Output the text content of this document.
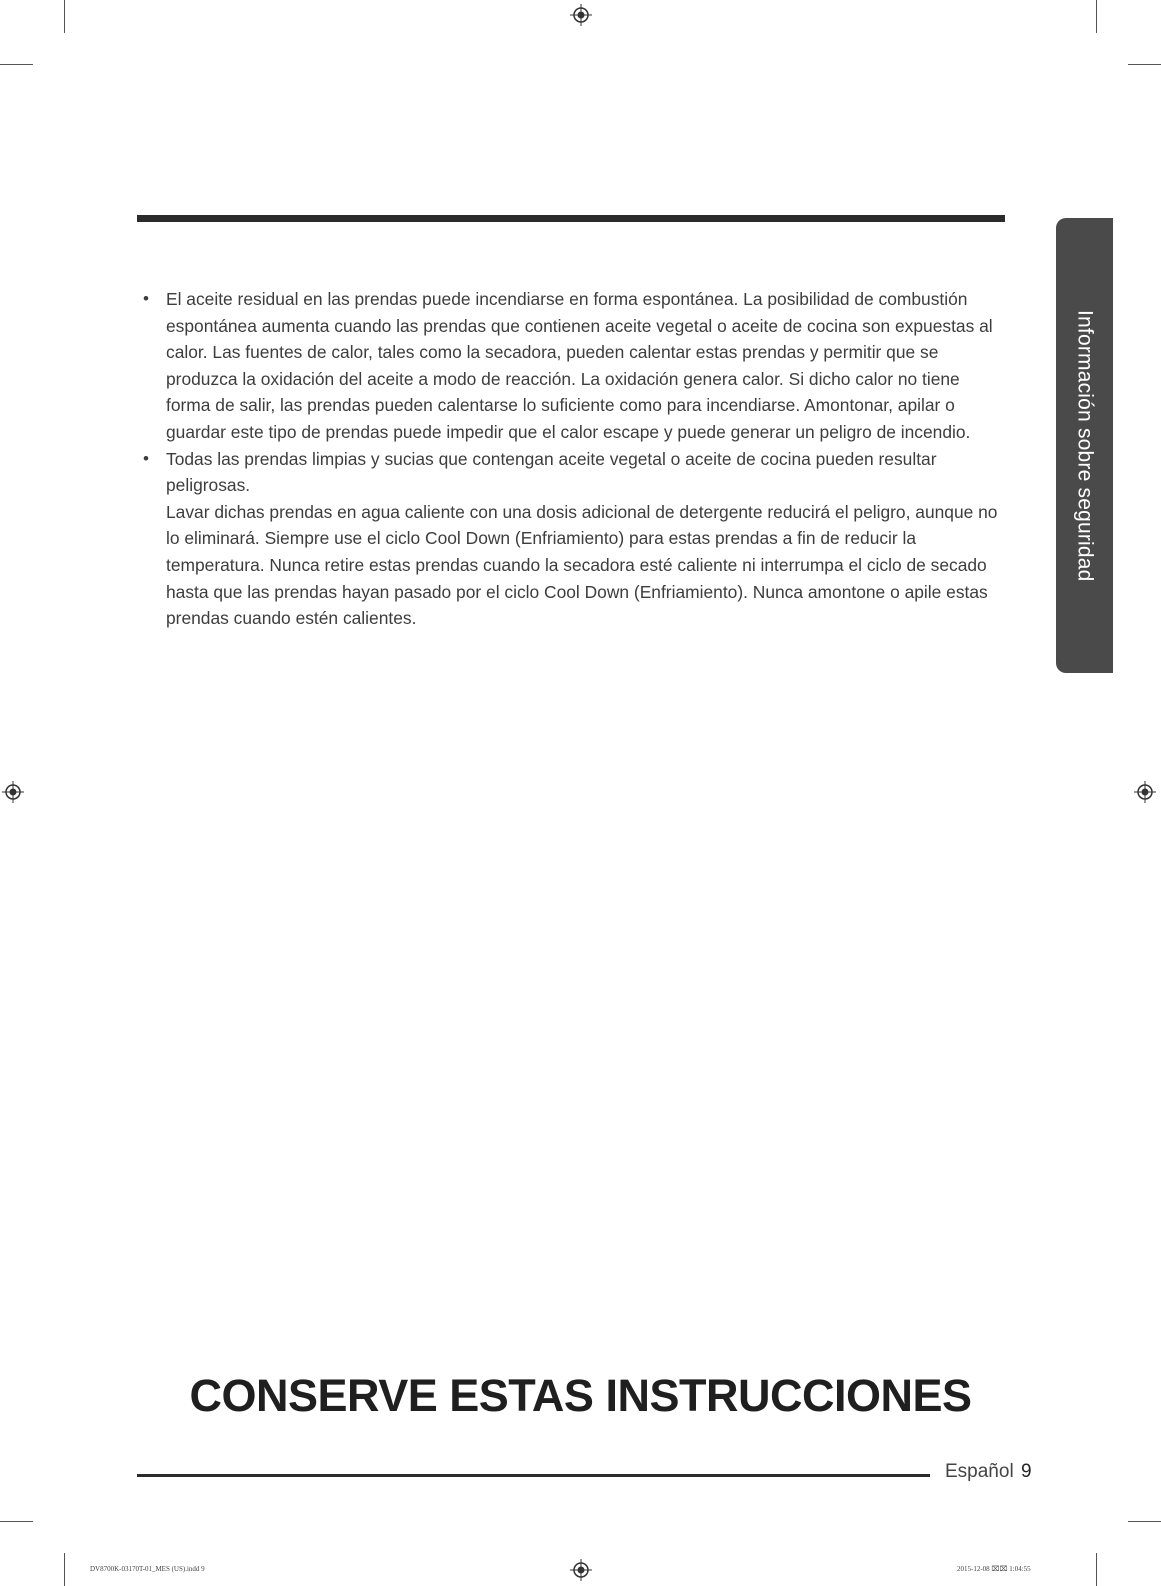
Información sobre seguridad
• El aceite residual en las prendas puede incendiarse en forma espontánea. La posibilidad de combustión espontánea aumenta cuando las prendas que contienen aceite vegetal o aceite de cocina son expuestas al calor. Las fuentes de calor, tales como la secadora, pueden calentar estas prendas y permitir que se produzca la oxidación del aceite a modo de reacción. La oxidación genera calor. Si dicho calor no tiene forma de salir, las prendas pueden calentarse lo suficiente como para incendiarse. Amontonar, apilar o guardar este tipo de prendas puede impedir que el calor escape y puede generar un peligro de incendio.
• Todas las prendas limpias y sucias que contengan aceite vegetal o aceite de cocina pueden resultar peligrosas.
Lavar dichas prendas en agua caliente con una dosis adicional de detergente reducirá el peligro, aunque no lo eliminará. Siempre use el ciclo Cool Down (Enfriamiento) para estas prendas a fin de reducir la temperatura. Nunca retire estas prendas cuando la secadora esté caliente ni interrumpa el ciclo de secado hasta que las prendas hayan pasado por el ciclo Cool Down (Enfriamiento). Nunca amontone o apile estas prendas cuando estén calientes.
CONSERVE ESTAS INSTRUCCIONES
Español 9
DV8700K-03170T-01_MES (US).indd 9	2015-12-08 ⌧⌧ 1:04:55
